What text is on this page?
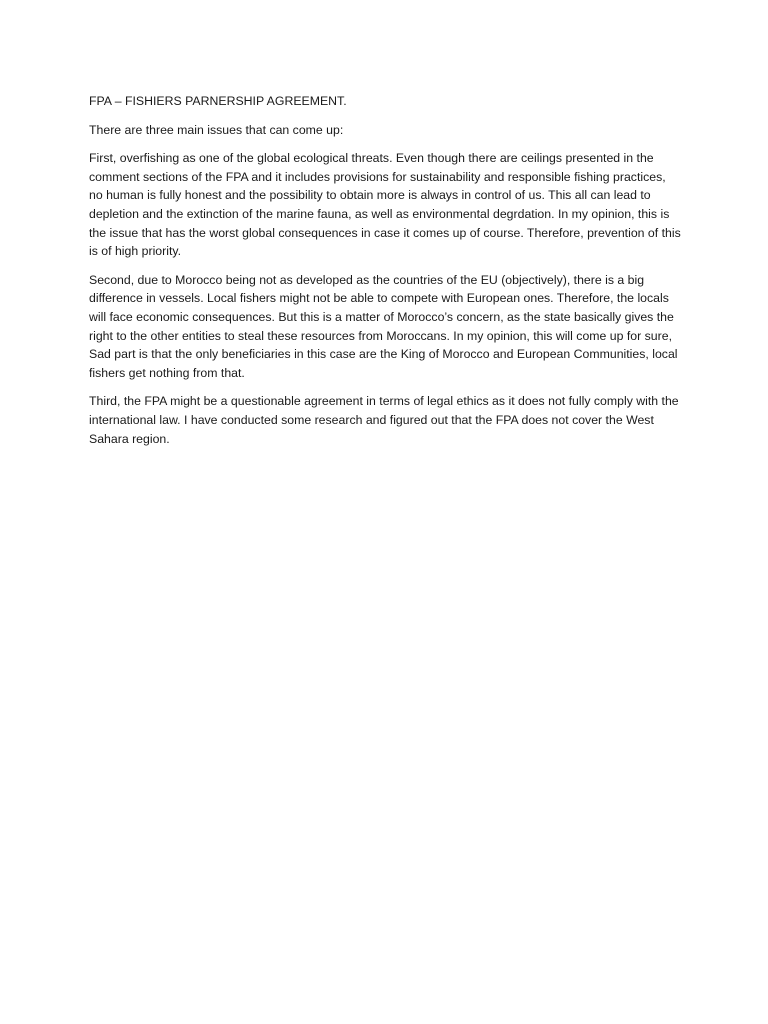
FPA – FISHIERS PARNERSHIP AGREEMENT.

There are three main issues that can come up:

First, overfishing as one of the global ecological threats. Even though there are ceilings presented in the comment sections of the FPA and it includes provisions for sustainability and responsible fishing practices, no human is fully honest and the possibility to obtain more is always in control of us. This all can lead to depletion and the extinction of the marine fauna, as well as environmental degrdation. In my opinion, this is the issue that has the worst global consequences in case it comes up of course. Therefore, prevention of this is of high priority.

Second, due to Morocco being not as developed as the countries of the EU (objectively), there is a big difference in vessels. Local fishers might not be able to compete with European ones. Therefore, the locals will face economic consequences. But this is a matter of Morocco’s concern, as the state basically gives the right to the other entities to steal these resources from Moroccans. In my opinion, this will come up for sure, Sad part is that the only beneficiaries in this case are the King of Morocco and European Communities, local fishers get nothing from that.

Third, the FPA might be a questionable agreement in terms of legal ethics as it does not fully comply with the international law. I have conducted some research and figured out that the FPA does not cover the West Sahara region.
